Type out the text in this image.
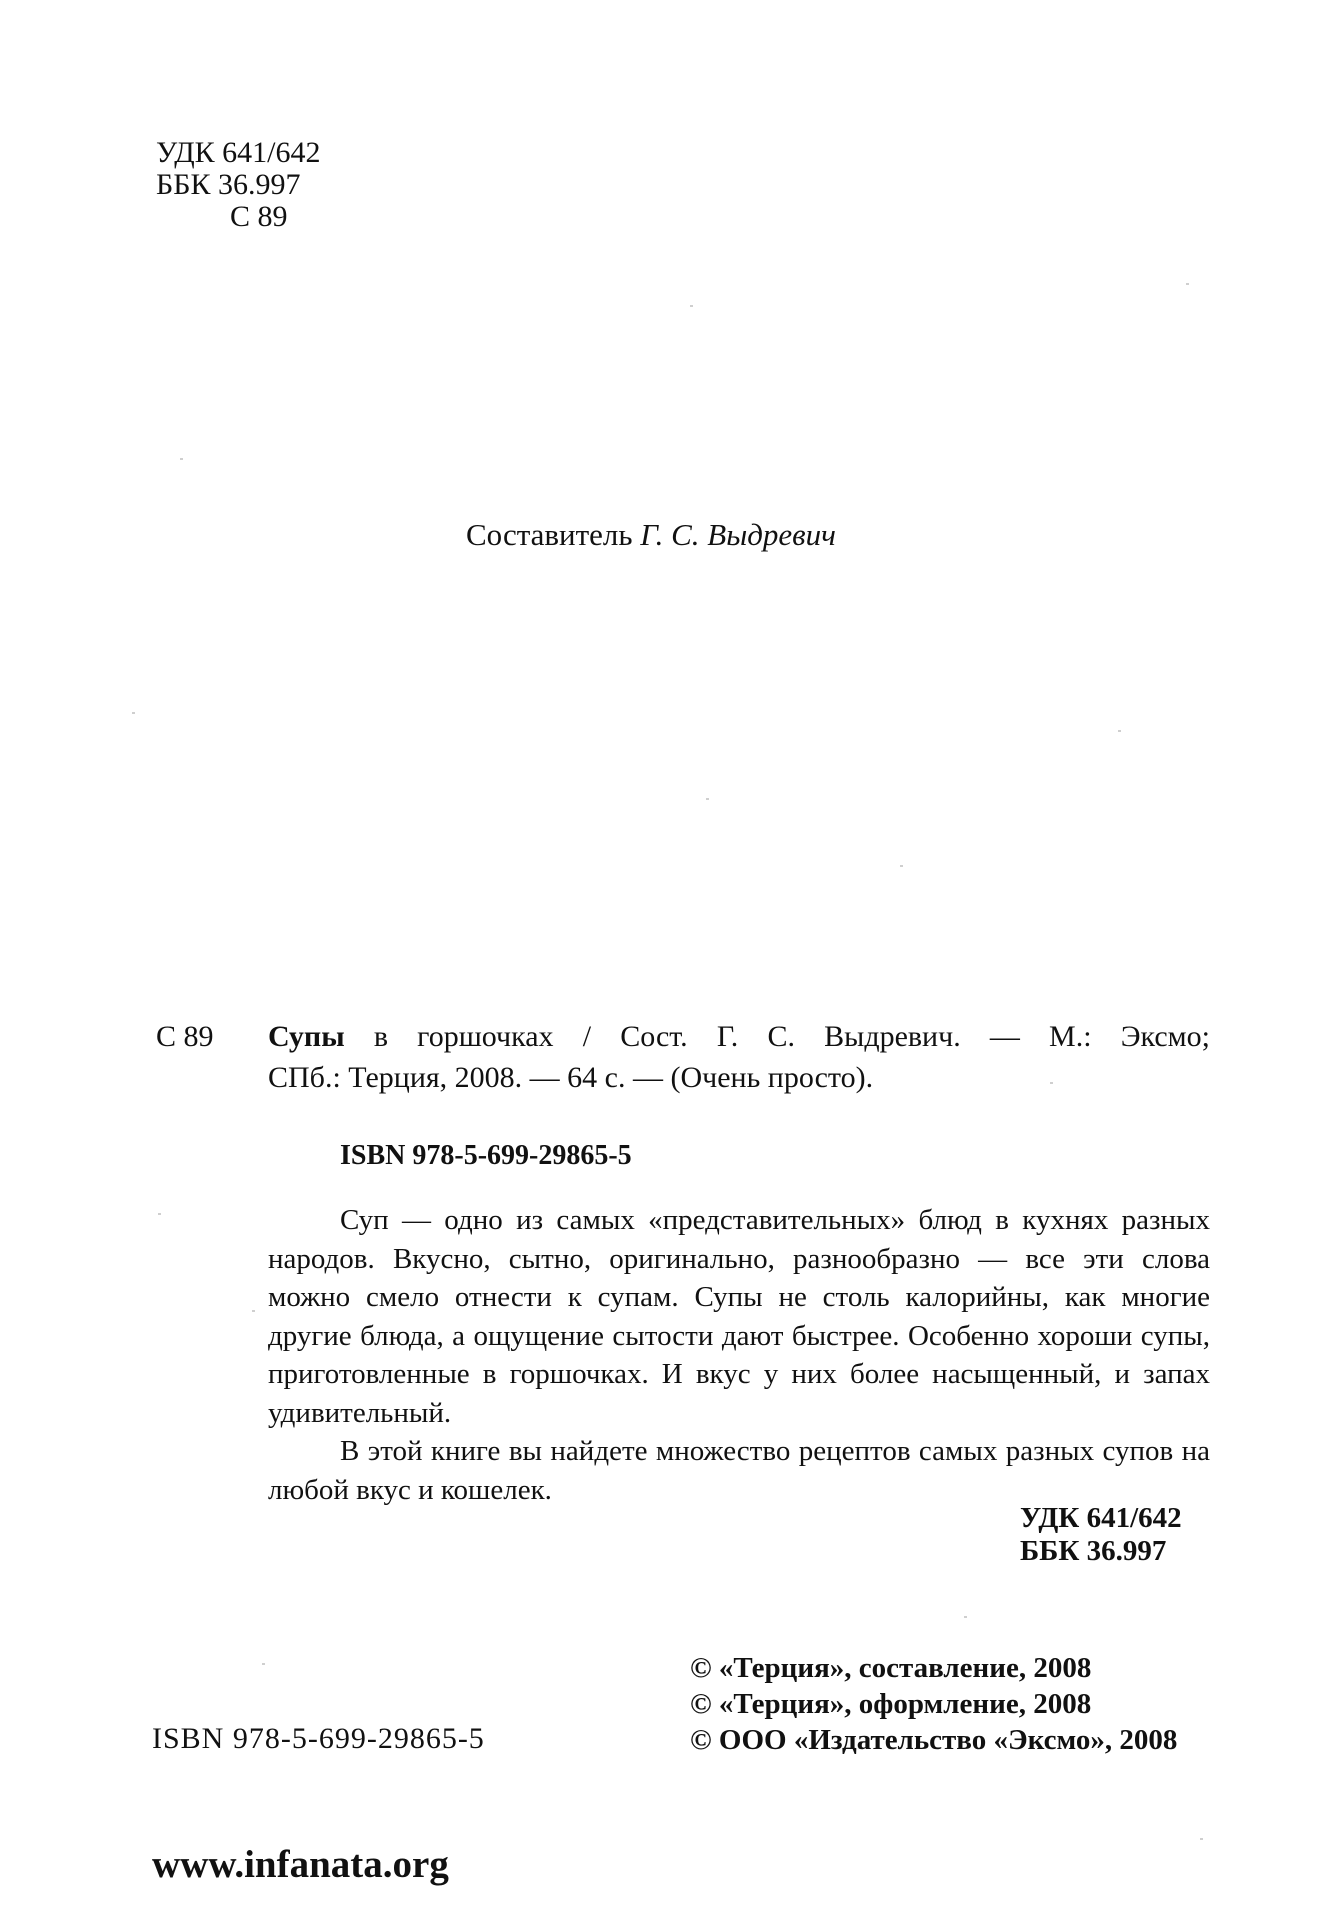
УДК 641/642
ББК 36.997
С 89
Составитель Г. С. Выдревич
С 89 Супы в горшочках / Сост. Г. С. Выдревич. — М.: Эксмо;
СПб.: Терция, 2008. — 64 с. — (Очень просто).
ISBN 978-5-699-29865-5

Суп — одно из самых «представительных» блюд в кухнях разных народов. Вкусно, сытно, оригинально, разнообразно — все эти слова можно смело отнести к супам. Супы не столь калорийны, как многие другие блюда, а ощущение сытости дают быстрее. Особенно хороши супы, приготовленные в горшочках. И вкус у них более насыщенный, и запах удивительный.

В этой книге вы найдете множество рецептов самых разных супов на любой вкус и кошелек.

УДК 641/642
ББК 36.997
© «Терция», составление, 2008
© «Терция», оформление, 2008
© ООО «Издательство «Эксмо», 2008
ISBN 978-5-699-29865-5
www.infanata.org
